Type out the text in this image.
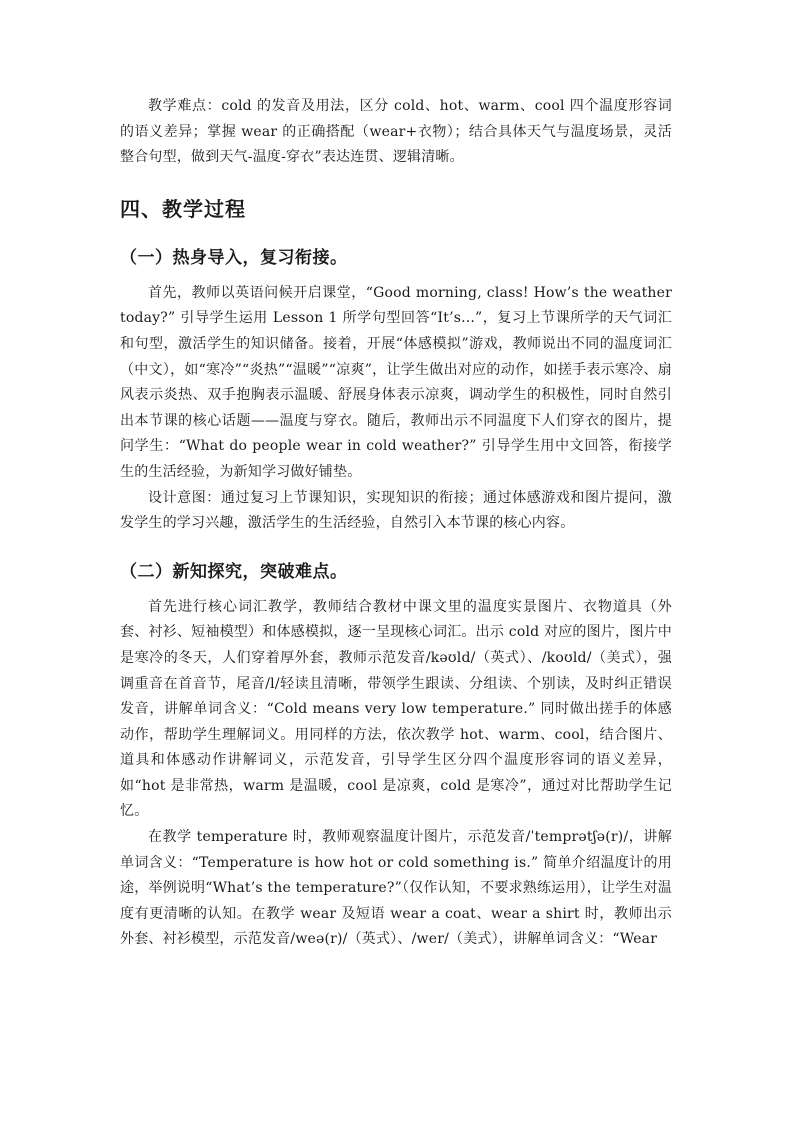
教学难点：cold 的发音及用法，区分 cold、hot、warm、cool 四个温度形容词的语义差异；掌握 wear 的正确搭配（wear+衣物）；结合具体天气与温度场景，灵活整合句型，做到天气-温度-穿衣”表达连贯、逻辑清晰。

四、教学过程
（一）热身导入，复习衔接。

首先，教师以英语问候开启课堂，“Good morning, class! How’s the weather today?” 引导学生运用 Lesson 1 所学句型回答“It’s...”，复习上节课所学的天气词汇和句型，激活学生的知识储备。接着，开展“体感模拟”游戏，教师说出不同的温度词汇（中文），如“寒冷”“炎热”“温暖”“凉爽”，让学生做出对应的动作，如搓手表示寒冷、扇风表示炎热、双手抱胸表示温暖、舒展身体表示凉爽，调动学生的积极性，同时自然引出本节课的核心话题——温度与穿衣。随后，教师出示不同温度下人们穿衣的图片，提问学生：“What do people wear in cold weather?” 引导学生用中文回答，衔接学生的生活经验，为新知学习做好铺垫。

设计意图：通过复习上节课知识，实现知识的衔接；通过体感游戏和图片提问，激发学生的学习兴趣，激活学生的生活经验，自然引入本节课的核心内容。

（二）新知探究，突破难点。

首先进行核心词汇教学，教师结合教材中课文里的温度实景图片、衣物道具（外套、衬衫、短袖模型）和体感模拟，逐一呈现核心词汇。出示 cold 对应的图片，图片中是寒冷的冬天，人们穿着厚外套，教师示范发音/kəʊld/（英式）、/koʊld/（美式），强调重音在首音节，尾音/l/轻读且清晰，带领学生跟读、分组读、个别读，及时纠正错误发音，讲解单词含义：“Cold means very low temperature.” 同时做出搓手的体感动作，帮助学生理解词义。用同样的方法，依次教学 hot、warm、cool，结合图片、道具和体感动作讲解词义，示范发音，引导学生区分四个温度形容词的语义差异，如“hot 是非常热，warm 是温暖，cool 是凉爽，cold 是寒冷”，通过对比帮助学生记忆。

在教学 temperature 时，教师观察温度计图片，示范发音/ˈtemprətʃə(r)/，讲解单词含义：“Temperature is how hot or cold something is.” 简单介绍温度计的用途，举例说明“What’s the temperature?”（仅作认知，不要求熟练运用），让学生对温度有更清晰的认知。在教学 wear 及短语 wear a coat、wear a shirt 时，教师出示外套、衬衫模型，示范发音/weə(r)/（英式）、/wer/（美式），讲解单词含义：“Wear
